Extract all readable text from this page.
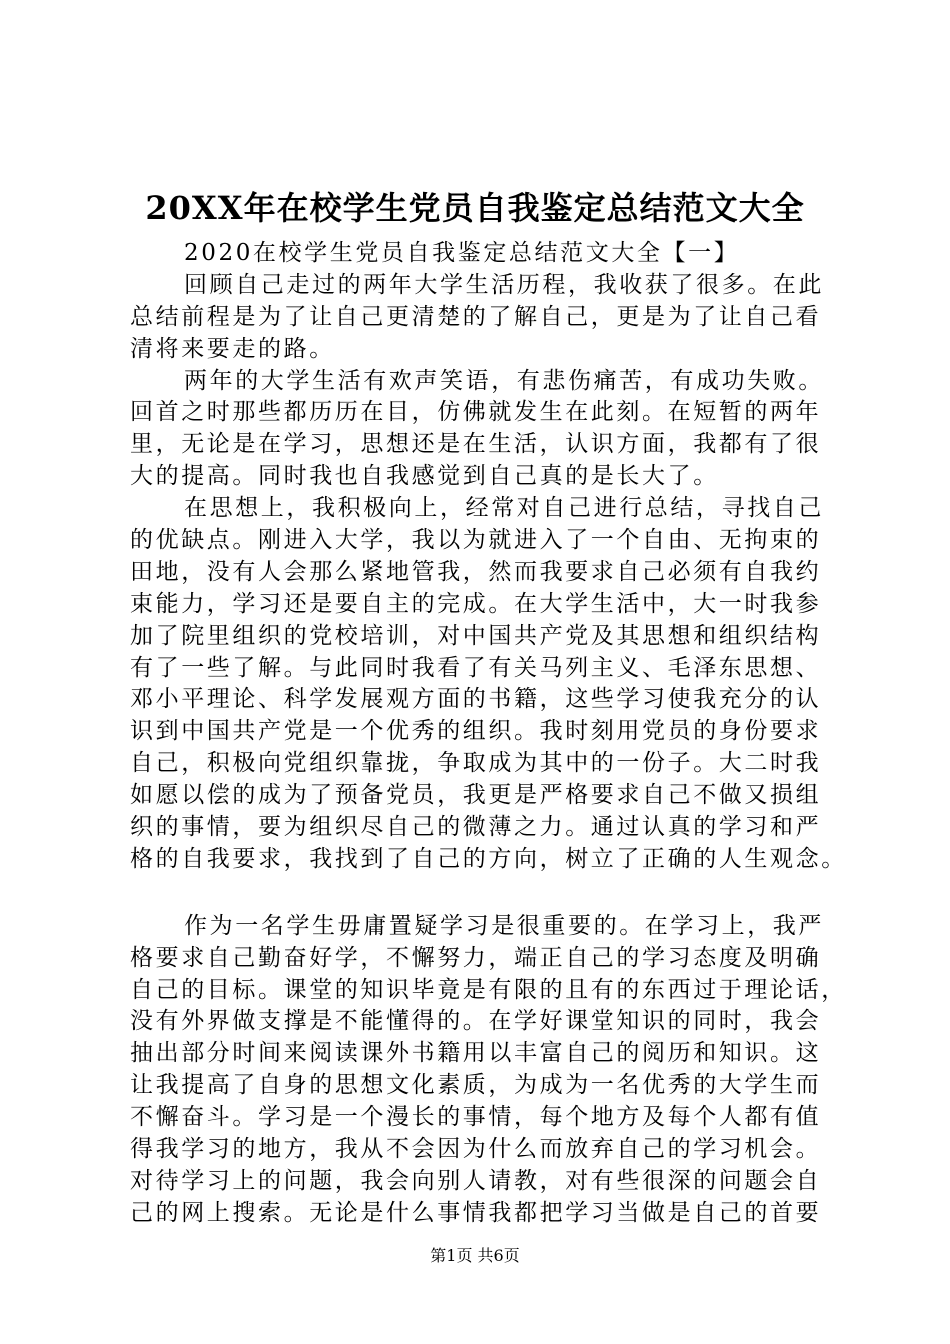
20XX年在校学生党员自我鉴定总结范文大全
2020在校学生党员自我鉴定总结范文大全【一】
回顾自己走过的两年大学生活历程，我收获了很多。在此
总结前程是为了让自己更清楚的了解自己，更是为了让自己看
清将来要走的路。
两年的大学生活有欢声笑语，有悲伤痛苦，有成功失败。
回首之时那些都历历在目，仿佛就发生在此刻。在短暂的两年
里，无论是在学习，思想还是在生活，认识方面，我都有了很
大的提高。同时我也自我感觉到自己真的是长大了。
在思想上，我积极向上，经常对自己进行总结，寻找自己
的优缺点。刚进入大学，我以为就进入了一个自由、无拘束的
田地，没有人会那么紧地管我，然而我要求自己必须有自我约
束能力，学习还是要自主的完成。在大学生活中，大一时我参
加了院里组织的党校培训，对中国共产党及其思想和组织结构
有了一些了解。与此同时我看了有关马列主义、毛泽东思想、
邓小平理论、科学发展观方面的书籍，这些学习使我充分的认
识到中国共产党是一个优秀的组织。我时刻用党员的身份要求
自己，积极向党组织靠拢，争取成为其中的一份子。大二时我
如愿以偿的成为了预备党员，我更是严格要求自己不做又损组
织的事情，要为组织尽自己的微薄之力。通过认真的学习和严
格的自我要求，我找到了自己的方向，树立了正确的人生观念。
作为一名学生毋庸置疑学习是很重要的。在学习上，我严
格要求自己勤奋好学，不懈努力，端正自己的学习态度及明确
自己的目标。课堂的知识毕竟是有限的且有的东西过于理论话，
没有外界做支撑是不能懂得的。在学好课堂知识的同时，我会
抽出部分时间来阅读课外书籍用以丰富自己的阅历和知识。这
让我提高了自身的思想文化素质，为成为一名优秀的大学生而
不懈奋斗。学习是一个漫长的事情，每个地方及每个人都有值
得我学习的地方，我从不会因为什么而放弃自己的学习机会。
对待学习上的问题，我会向别人请教，对有些很深的问题会自
己的网上搜索。无论是什么事情我都把学习当做是自己的首要
第1页 共6页
